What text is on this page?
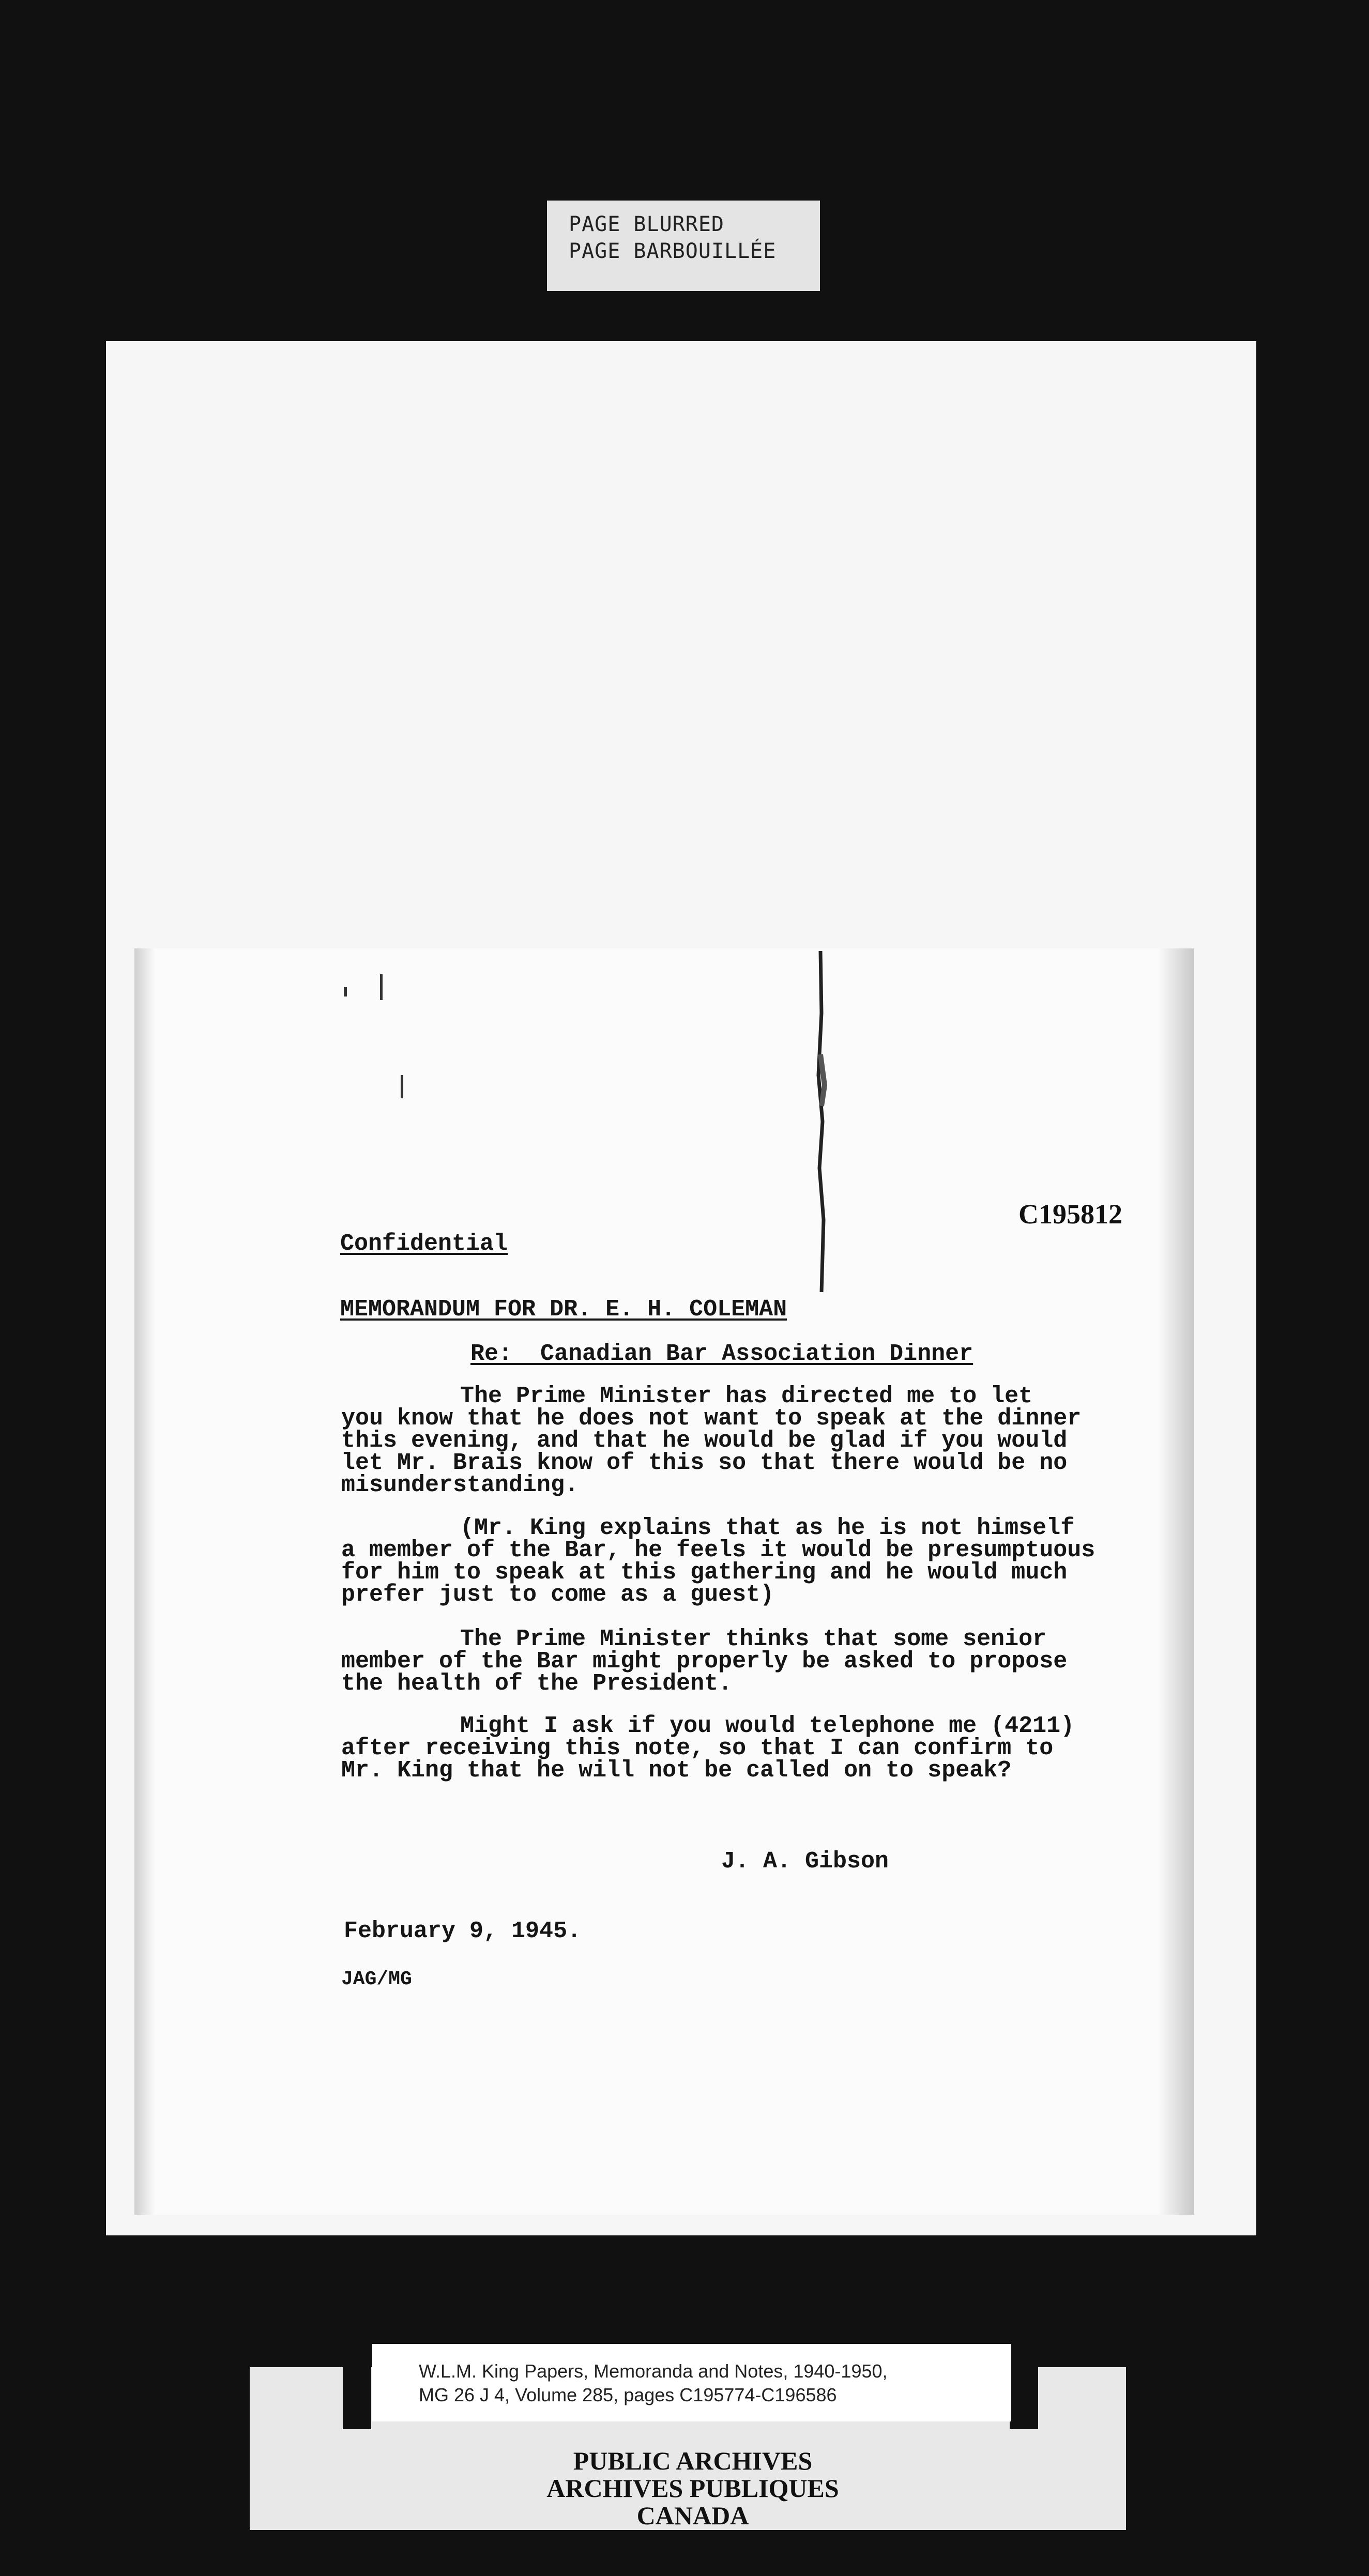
PAGE BLURRED
PAGE BARBOUILLÉE
C195812
Confidential
MEMORANDUM FOR DR. E. H. COLEMAN
Re:  Canadian Bar Association Dinner
The Prime Minister has directed me to let
you know that he does not want to speak at the dinner
this evening, and that he would be glad if you would
let Mr. Brais know of this so that there would be no
misunderstanding.
(Mr. King explains that as he is not himself
a member of the Bar, he feels it would be presumptuous
for him to speak at this gathering and he would much
prefer just to come as a guest)
The Prime Minister thinks that some senior
member of the Bar might properly be asked to propose
the health of the President.
Might I ask if you would telephone me (4211)
after receiving this note, so that I can confirm to
Mr. King that he will not be called on to speak?
J. A. Gibson
February 9, 1945.
JAG/MG
W.L.M. King Papers, Memoranda and Notes, 1940-1950,
MG 26 J 4, Volume 285, pages C195774-C196586
PUBLIC ARCHIVES
ARCHIVES PUBLIQUES
CANADA
